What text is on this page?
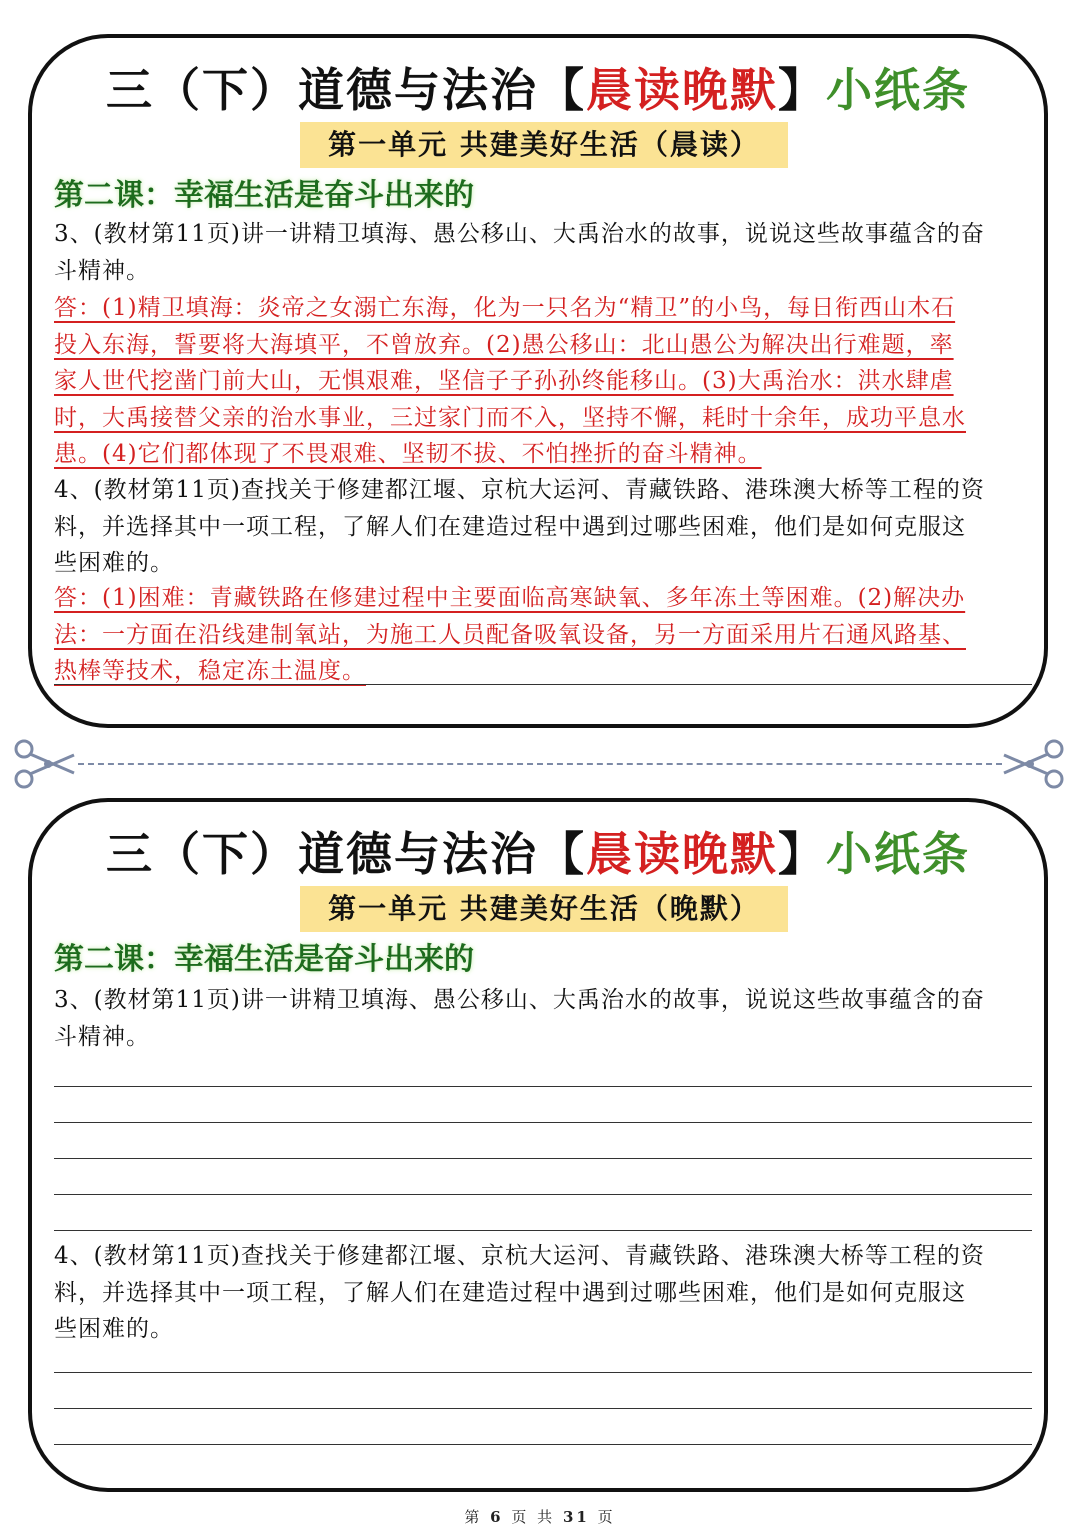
三（下）道德与法治【晨读晚默】小纸条
第一单元 共建美好生活（晨读）
第二课：幸福生活是奋斗出来的
3、(教材第11页)讲一讲精卫填海、愚公移山、大禹治水的故事，说说这些故事蕴含的奋
斗精神。
答：(1)精卫填海：炎帝之女溺亡东海，化为一只名为“精卫”的小鸟，每日衔西山木石
投入东海，誓要将大海填平，不曾放弃。(2)愚公移山：北山愚公为解决出行难题，率
家人世代挖凿门前大山，无惧艰难，坚信子子孙孙终能移山。(3)大禹治水：洪水肆虐
时，大禹接替父亲的治水事业，三过家门而不入，坚持不懈，耗时十余年，成功平息水
患。(4)它们都体现了不畏艰难、坚韧不拔、不怕挫折的奋斗精神。
4、(教材第11页)查找关于修建都江堰、京杭大运河、青藏铁路、港珠澳大桥等工程的资
料，并选择其中一项工程，了解人们在建造过程中遇到过哪些困难，他们是如何克服这
些困难的。
答：(1)困难：青藏铁路在修建过程中主要面临高寒缺氧、多年冻土等困难。(2)解决办
法：一方面在沿线建制氧站，为施工人员配备吸氧设备，另一方面采用片石通风路基、
热棒等技术，稳定冻土温度。
三（下）道德与法治【晨读晚默】小纸条
第一单元 共建美好生活（晚默）
第二课：幸福生活是奋斗出来的
3、(教材第11页)讲一讲精卫填海、愚公移山、大禹治水的故事，说说这些故事蕴含的奋
斗精神。
4、(教材第11页)查找关于修建都江堰、京杭大运河、青藏铁路、港珠澳大桥等工程的资
料，并选择其中一项工程，了解人们在建造过程中遇到过哪些困难，他们是如何克服这
些困难的。
第 6 页 共 31 页
